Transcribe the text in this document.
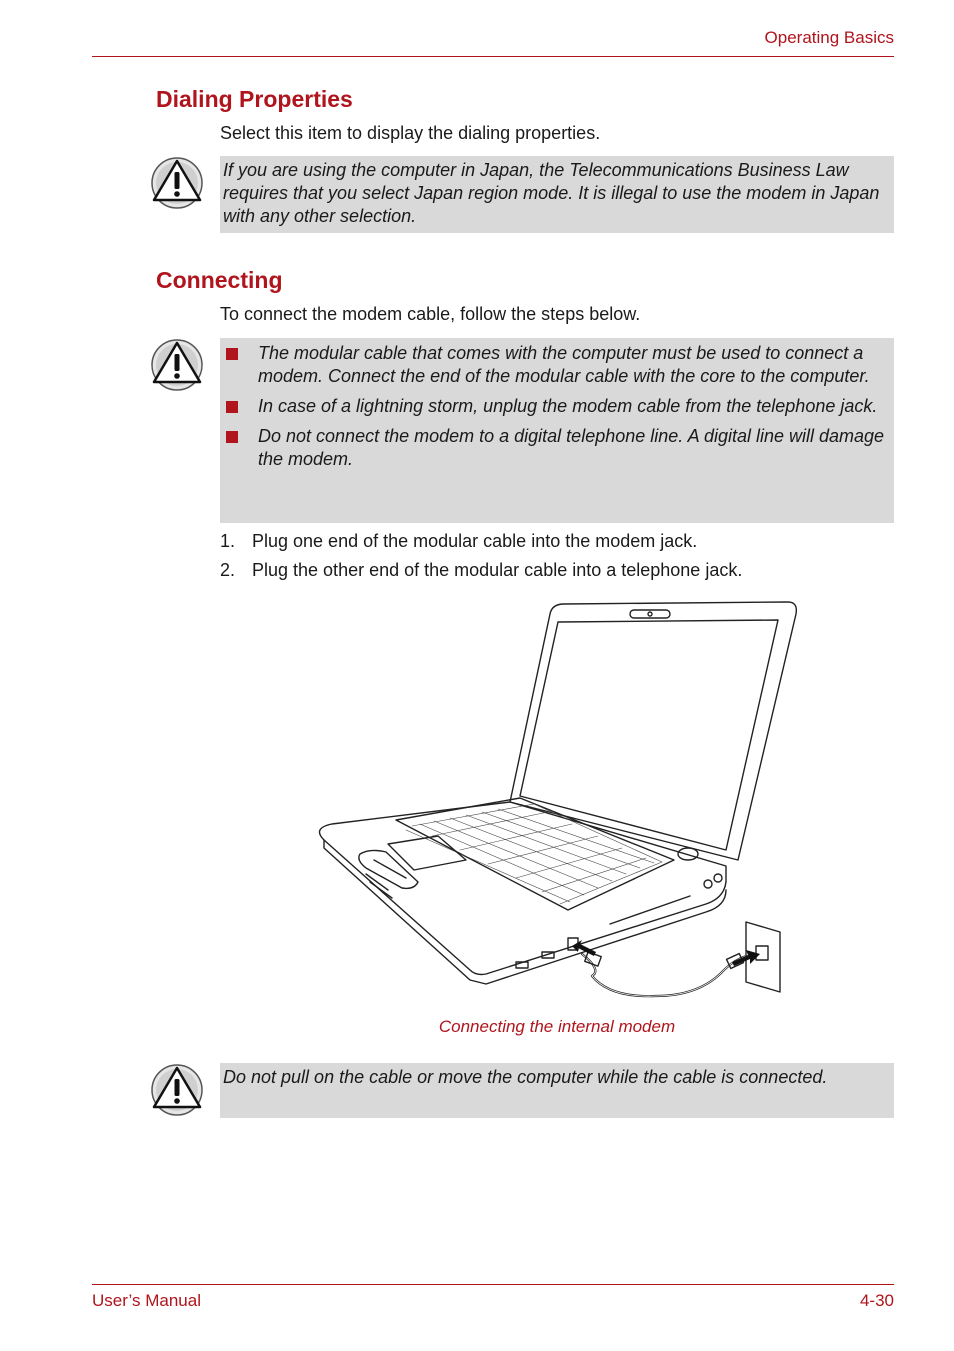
Operating Basics
Dialing Properties
Select this item to display the dialing properties.
If you are using the computer in Japan, the Telecommunications Business Law requires that you select Japan region mode. It is illegal to use the modem in Japan with any other selection.
Connecting
To connect the modem cable, follow the steps below.
The modular cable that comes with the computer must be used to connect a modem. Connect the end of the modular cable with the core to the computer.
In case of a lightning storm, unplug the modem cable from the telephone jack.
Do not connect the modem to a digital telephone line. A digital line will damage the modem.
1. Plug one end of the modular cable into the modem jack.
2. Plug the other end of the modular cable into a telephone jack.
Connecting the internal modem
Do not pull on the cable or move the computer while the cable is connected.
User’s Manual	4-30
